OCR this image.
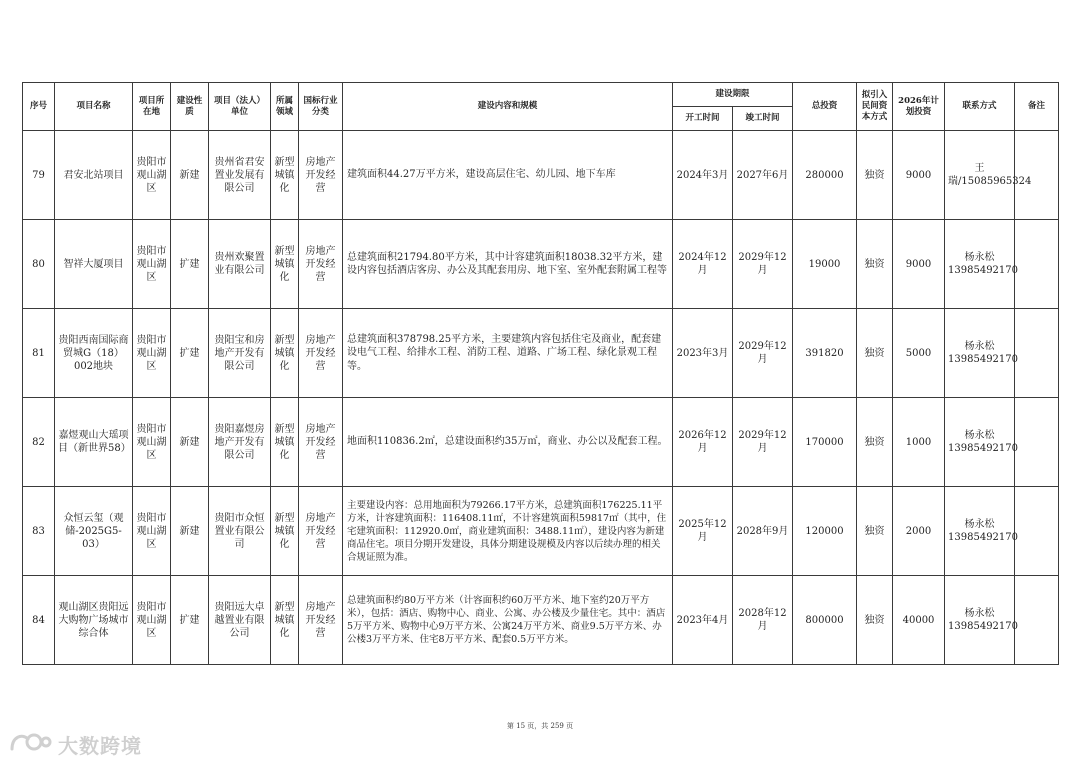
序号	项目名称	项目所在地	建设性质	项目（法人）单位	所属领域	国标行业分类	建设内容和规模	建设期限		总投资	拟引入民间资本方式	2026年计划投资	联系方式	备注
								开工时间	竣工时间					
79	君安北站项目	贵阳市观山湖区	新建	贵州省君安置业发展有限公司	新型城镇化	房地产开发经营	建筑面积44.27万平方米，建设高层住宅、幼儿园、地下车库	2024年3月	2027年6月	280000	独资	9000	王瑞/15085965324	
80	智祥大厦项目	贵阳市观山湖区	扩建	贵州欢聚置业有限公司	新型城镇化	房地产开发经营	总建筑面积21794.80平方米，其中计容建筑面积18038.32平方米，建设内容包括酒店客房、办公及其配套用房、地下室、室外配套附属工程等	2024年12月	2029年12月	19000	独资	9000	杨永松13985492170	
81	贵阳西南国际商贸城G（18）002地块	贵阳市观山湖区	扩建	贵阳宝和房地产开发有限公司	新型城镇化	房地产开发经营	总建筑面积378798.25平方米，主要建筑内容包括住宅及商业，配套建设电气工程、给排水工程、消防工程、道路、广场工程、绿化景观工程等。	2023年3月	2029年12月	391820	独资	5000	杨永松13985492170	
82	嘉煜观山大瑶项目（新世界58）	贵阳市观山湖区	新建	贵阳嘉煜房地产开发有限公司	新型城镇化	房地产开发经营	地面积110836.2㎡，总建设面积约35万㎡，商业、办公以及配套工程。	2026年12月	2029年12月	170000	独资	1000	杨永松13985492170	
83	众恒云玺（观储-2025G5-03）	贵阳市观山湖区	新建	贵阳市众恒置业有限公司	新型城镇化	房地产开发经营	主要建设内容：总用地面积为79266.17平方米，总建筑面积176225.11平方米，计容建筑面积：116408.11㎡，不计容建筑面积59817㎡（其中，住宅建筑面积：112920.0㎡，商业建筑面积：3488.11㎡），建设内容为新建商品住宅。项目分期开发建设，具体分期建设规模及内容以后续办理的相关合规证照为准。	2025年12月	2028年9月	120000	独资	2000	杨永松13985492170	
84	观山湖区贵阳远大购物广场城市综合体	贵阳市观山湖区	扩建	贵阳远大卓越置业有限公司	新型城镇化	房地产开发经营	总建筑面积约80万平方米（计容面积约60万平方米、地下室约20万平方米），包括：酒店、购物中心、商业、公寓、办公楼及少量住宅。其中：酒店5万平方米、购物中心9万平方米、公寓24万平方米、商业9.5万平方米、办公楼3万平方米、住宅8万平方米、配套0.5万平方米。	2023年4月	2028年12月	800000	独资	40000	杨永松13985492170	
第 15 页，共 259 页
大数跨境
